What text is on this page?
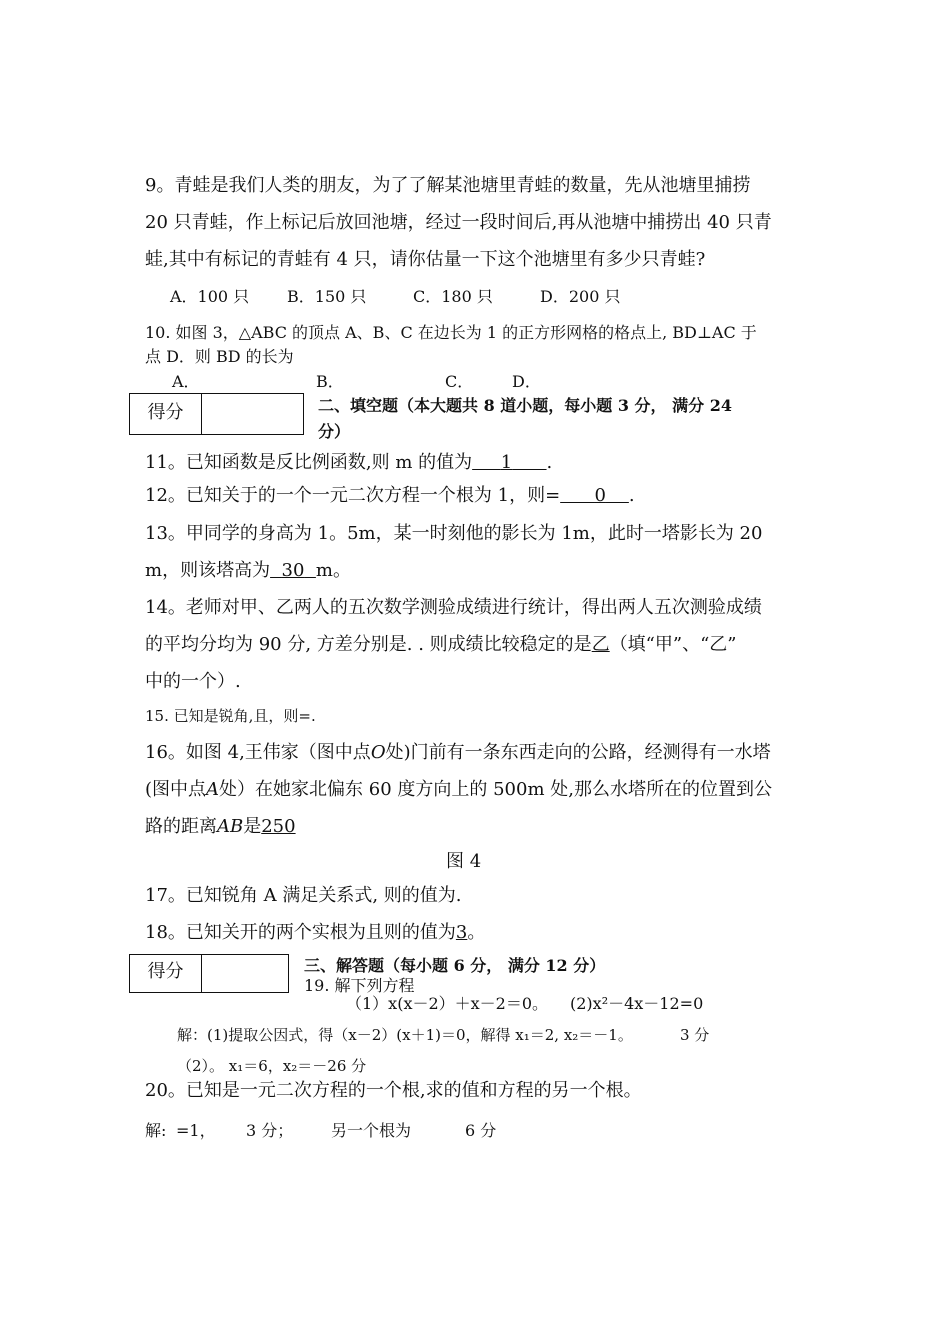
9。青蛙是我们人类的朋友，为了了解某池塘里青蛙的数量，先从池塘里捕捞
20 只青蛙，作上标记后放回池塘，经过一段时间后,再从池塘中捕捞出 40 只青
蛙,其中有标记的青蛙有 4 只，请你估量一下这个池塘里有多少只青蛙?
A．100 只 B．150 只	C．180 只	D．200 只
10. 如图 3，△ABC 的顶点 A、B、C 在边长为 1 的正方形网格的格点上, BD⊥AC 于
点 D．则 BD 的长为
A．	B．	C． D．
得分	二、填空题（本大题共 8 道小题，每小题 3 分， 满分 24
分）
11。已知函数是反比例函数,则 m 的值为 1 .
12。已知关于的一个一元二次方程一个根为 1，则= 0 .
13。甲同学的身高为 1。5m，某一时刻他的影长为 1m，此时一塔影长为 20
m，则该塔高为 30 m。
14。老师对甲、乙两人的五次数学测验成绩进行统计，得出两人五次测验成绩
的平均分均为 90 分, 方差分别是. . 则成绩比较稳定的是乙（填“甲”、“乙”
中的一个）.
15. 已知是锐角,且，则=.
16。如图 4,王伟家（图中点O处)门前有一条东西走向的公路，经测得有一水塔
(图中点A处）在她家北偏东 60 度方向上的 500m 处,那么水塔所在的位置到公
路的距离AB是250
图 4
17。已知锐角 A 满足关系式, 则的值为.
18。已知关开的两个实根为且则的值为3。
得分	三、解答题（每小题 6 分， 满分 12 分）
19. 解下列方程
（1）x(x－2）＋x－2＝0。 (2)x²－4x－12=0
解：(1)提取公因式，得（x－2）(x＋1)＝0，解得 x₁＝2, x₂＝－1。	3 分
（2）。 x₁＝6，x₂＝－26 分
20。已知是一元二次方程的一个根,求的值和方程的另一个根。
解: =1， 3 分； 另一个根为	6 分
